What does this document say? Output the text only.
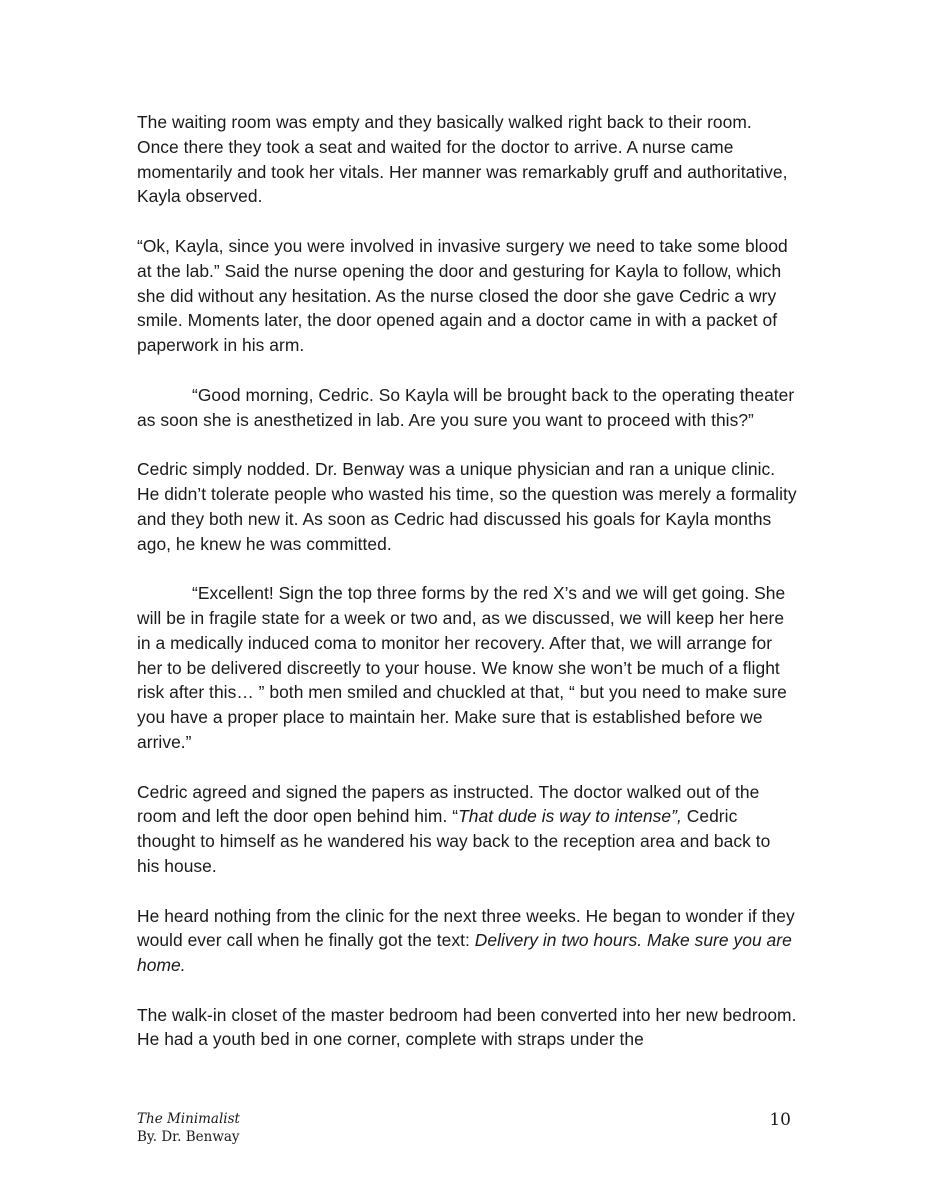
The waiting room was empty and they basically walked right back to their room. Once there they took a seat and waited for the doctor to arrive. A nurse came momentarily and took her vitals. Her manner was remarkably gruff and authoritative, Kayla observed.

“Ok, Kayla, since you were involved in invasive surgery we need to take some blood at the lab.” Said the nurse opening the door and gesturing for Kayla to follow, which she did without any hesitation. As the nurse closed the door she gave Cedric a wry smile. Moments later, the door opened again and a doctor came in with a packet of paperwork in his arm.

“Good morning, Cedric. So Kayla will be brought back to the operating theater as soon she is anesthetized in lab. Are you sure you want to proceed with this?”

Cedric simply nodded. Dr. Benway was a unique physician and ran a unique clinic. He didn’t tolerate people who wasted his time, so the question was merely a formality and they both new it. As soon as Cedric had discussed his goals for Kayla months ago, he knew he was committed.

“Excellent! Sign the top three forms by the red X’s and we will get going. She will be in fragile state for a week or two and, as we discussed, we will keep her here in a medically induced coma to monitor her recovery. After that, we will arrange for her to be delivered discreetly to your house. We know she won’t be much of a flight risk after this… ” both men smiled and chuckled at that, “ but you need to make sure you have a proper place to maintain her. Make sure that is established before we arrive.”

Cedric agreed and signed the papers as instructed. The doctor walked out of the room and left the door open behind him. “That dude is way to intense”, Cedric thought to himself as he wandered his way back to the reception area and back to his house.

He heard nothing from the clinic for the next three weeks. He began to wonder if they would ever call when he finally got the text: Delivery in two hours. Make sure you are home.

The walk-in closet of the master bedroom had been converted into her new bedroom. He had a youth bed in one corner, complete with straps under the

The Minimalist
By. Dr. Benway
10
